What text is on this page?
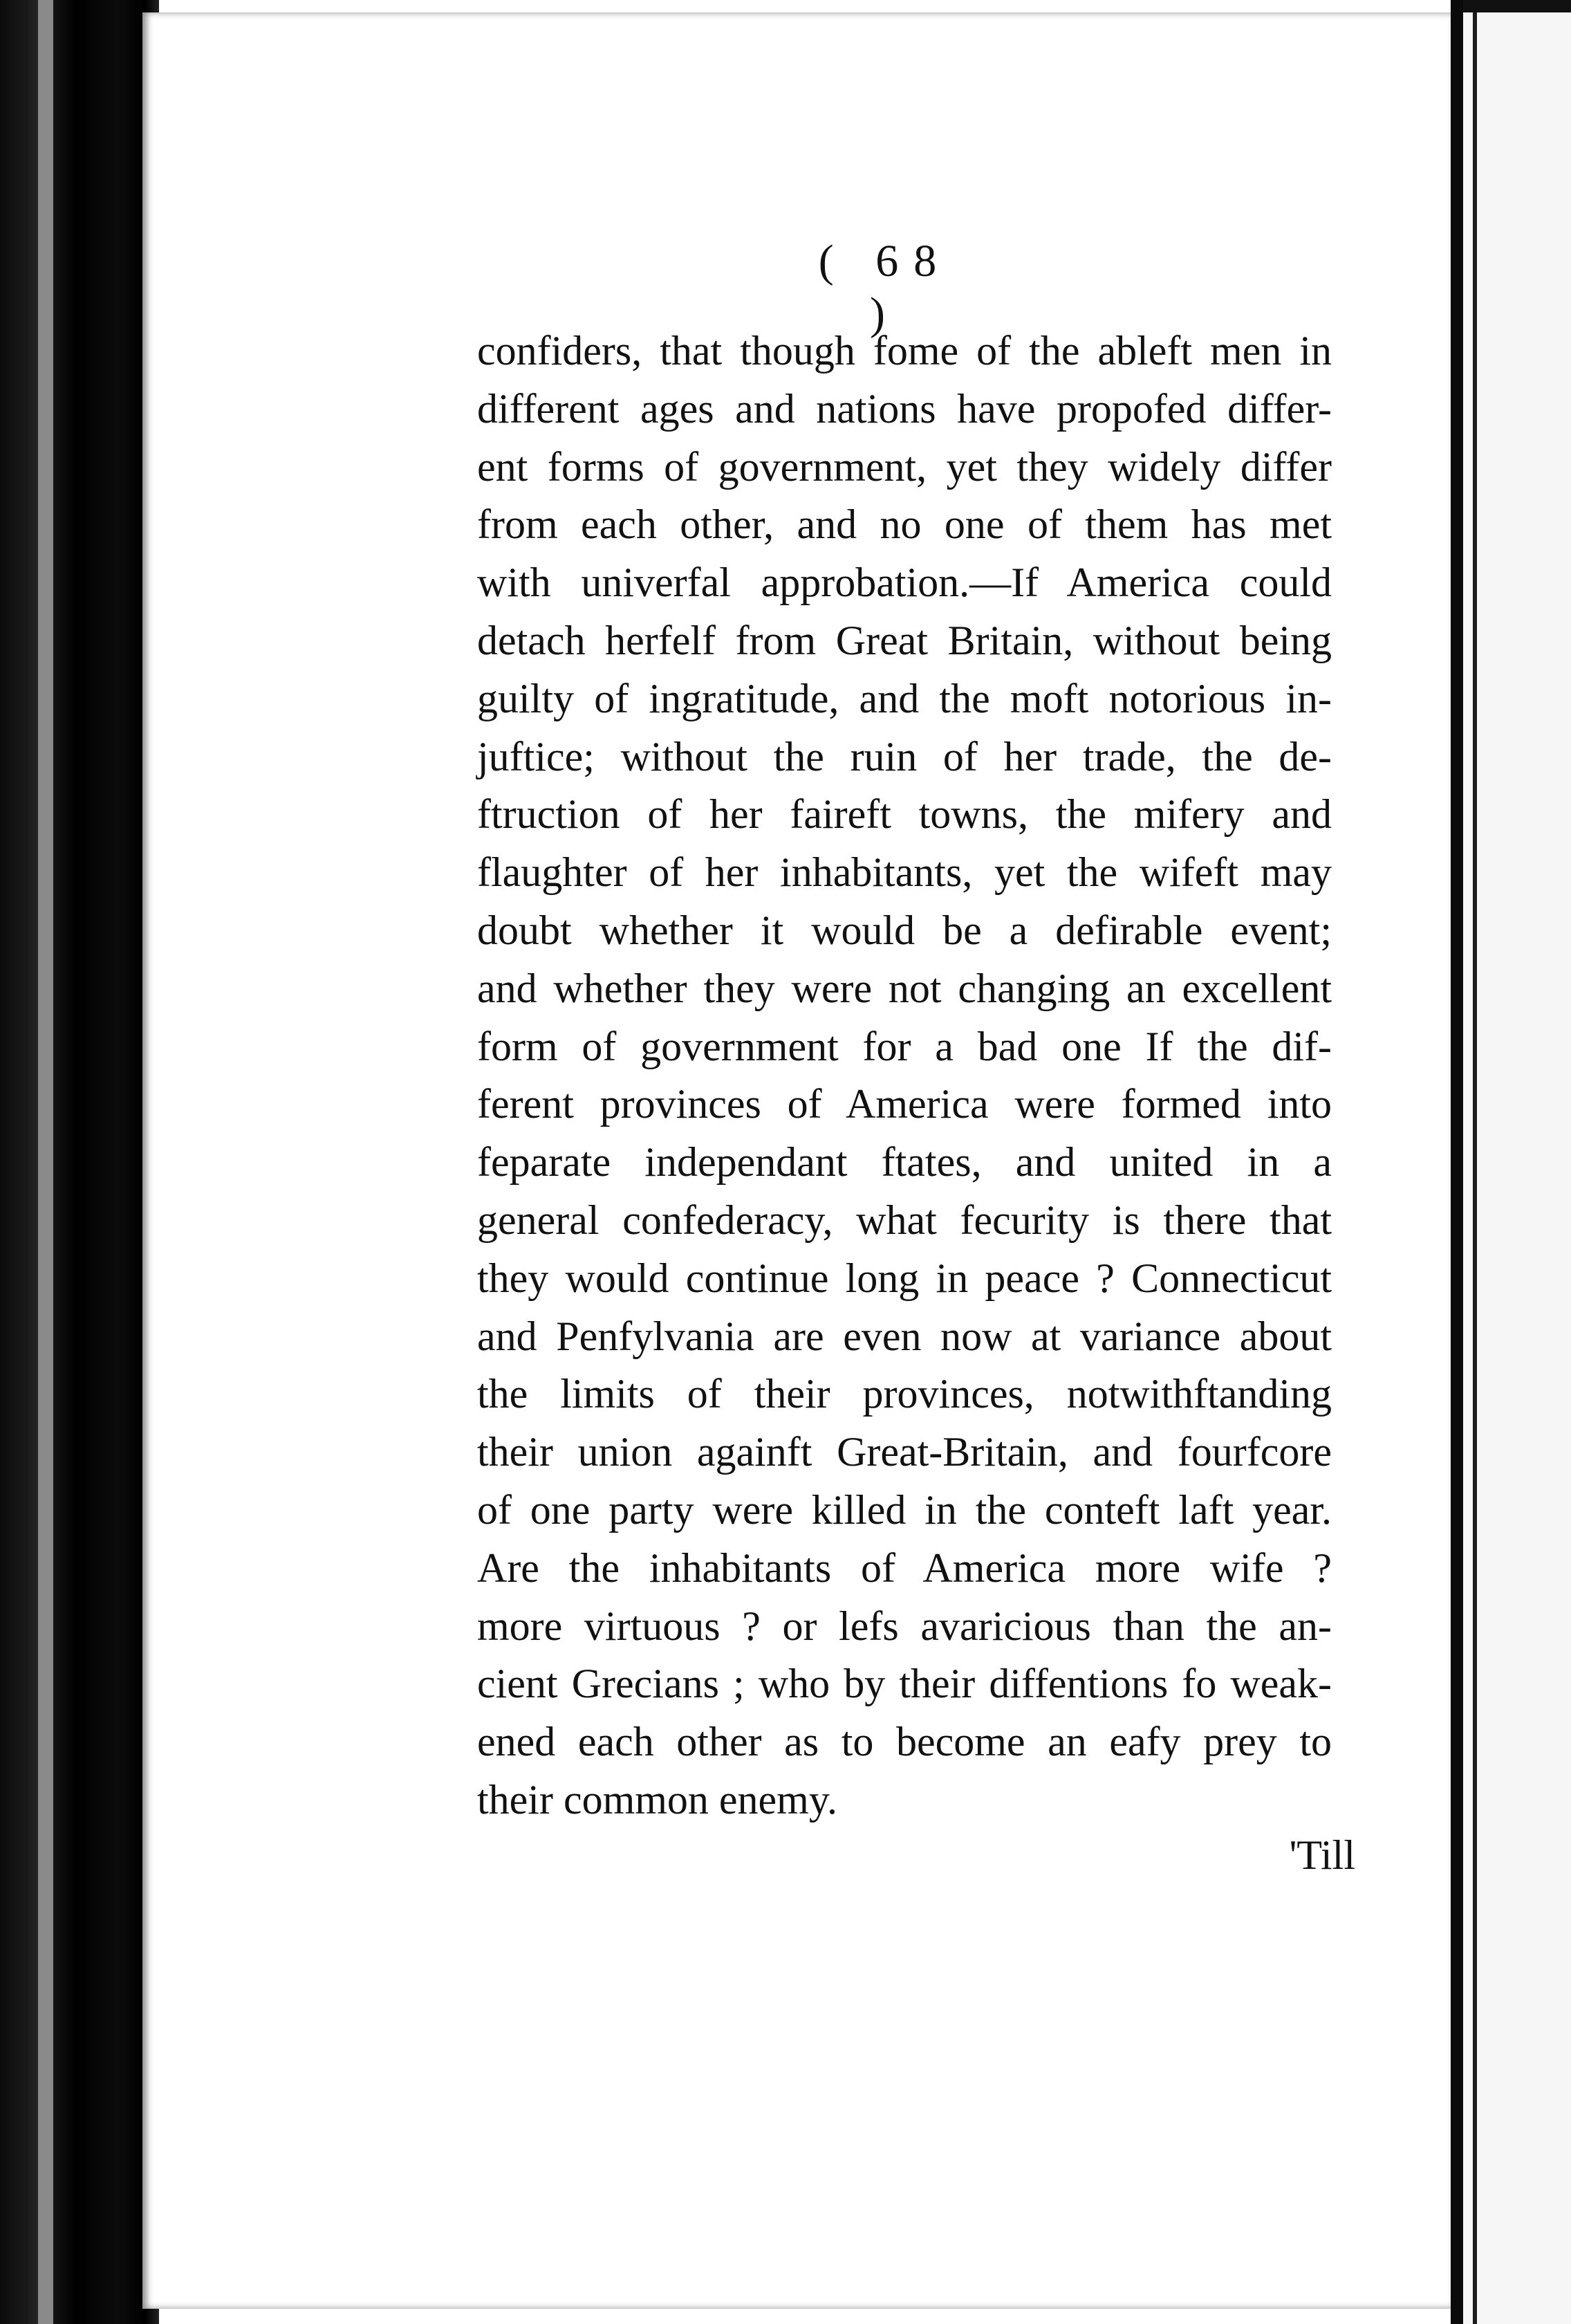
( 68 )
confiders, that though fome of the ableft men in
different ages and nations have propofed differ-
ent forms of government, yet they widely differ
from each other, and no one of them has met
with univerfal approbation.—If America could
detach herfelf from Great Britain, without being
guilty of ingratitude, and the moft notorious in-
juftice; without the ruin of her trade, the de-
ftruction of her faireft towns, the mifery and
flaughter of her inhabitants, yet the wifeft may
doubt whether it would be a defirable event;
and whether they were not changing an excellent
form of government for a bad one If the dif-
ferent provinces of America were formed into
feparate independant ftates, and united in a
general confederacy, what fecurity is there that
they would continue long in peace ? Connecticut
and Penfylvania are even now at variance about
the limits of their provinces, notwithftanding
their union againft Great-Britain, and fourfcore
of one party were killed in the conteft laft year.
Are the inhabitants of America more wife ?
more virtuous ? or lefs avaricious than the an-
cient Grecians ; who by their diffentions fo weak-
ened each other as to become an eafy prey to
their common enemy.
'Till
